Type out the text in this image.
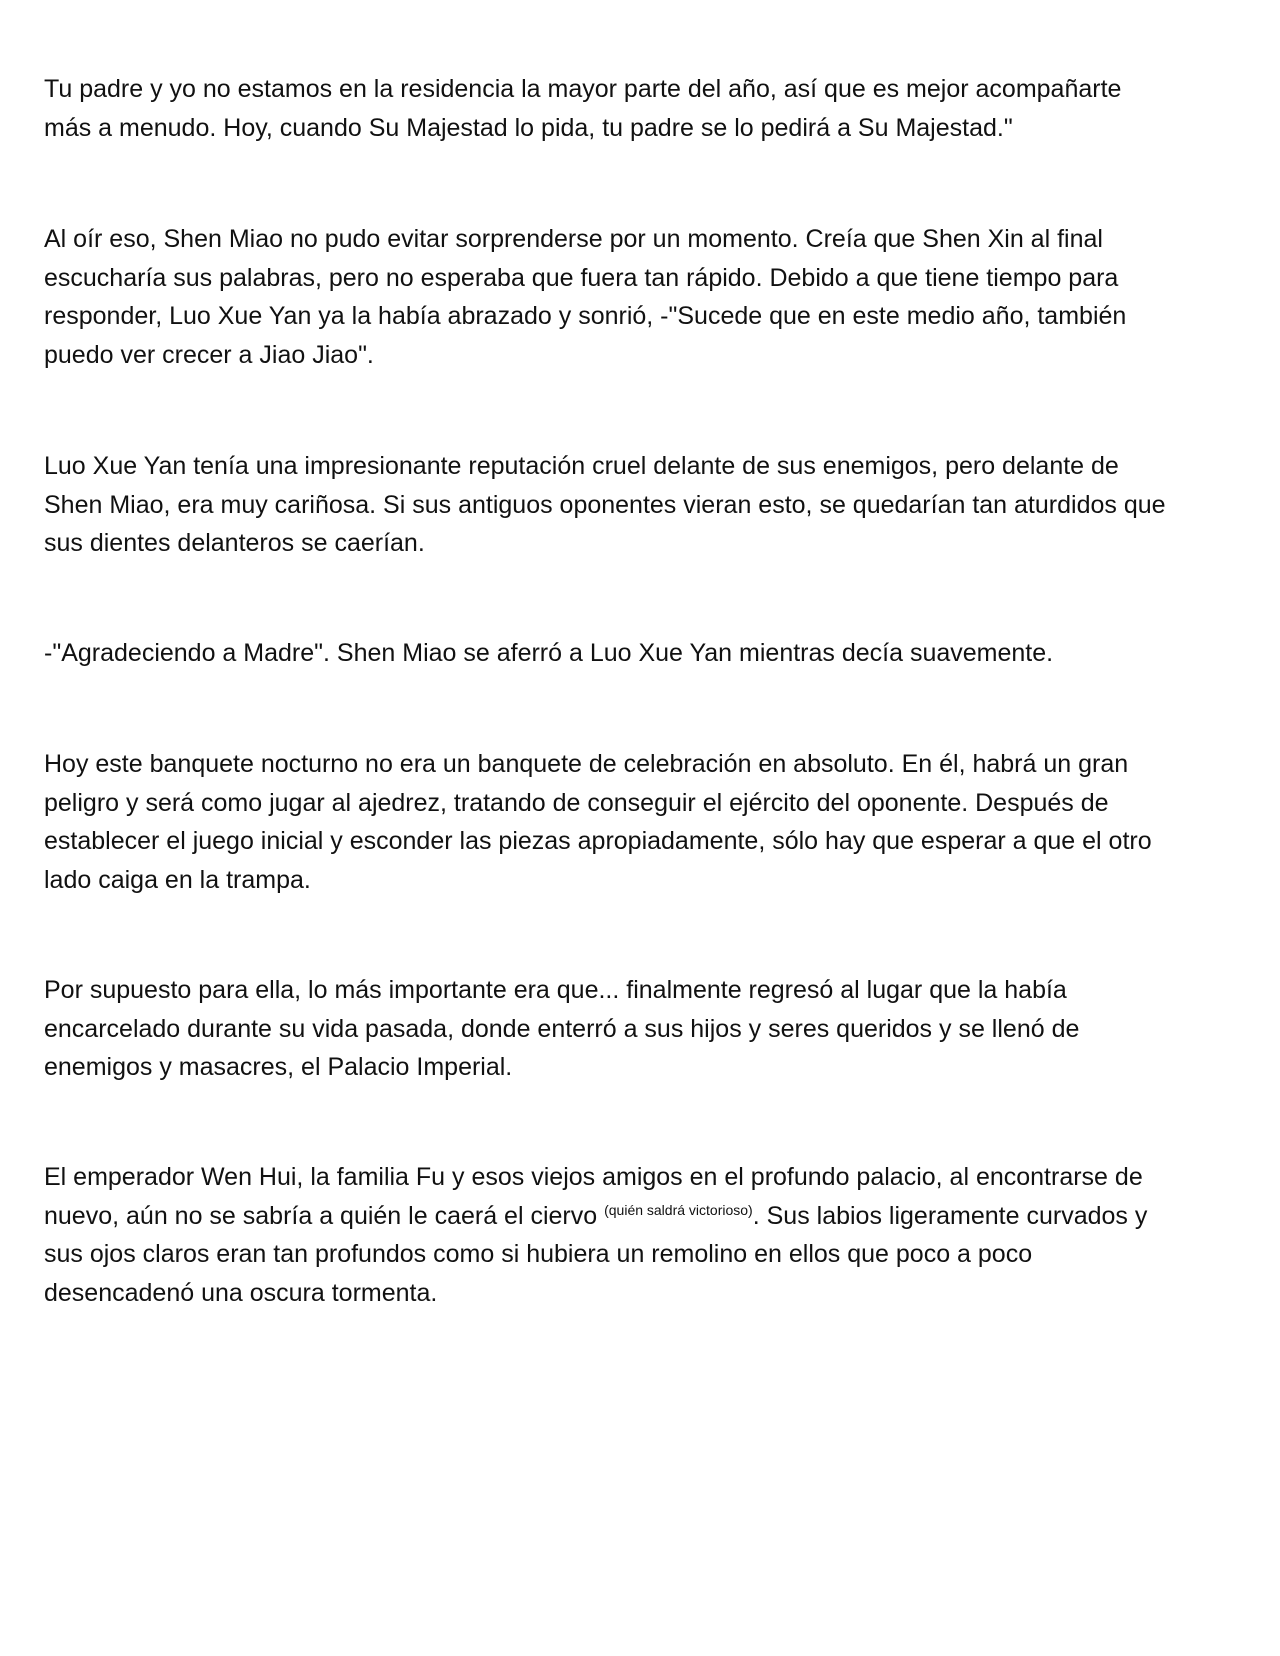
Tu padre y yo no estamos en la residencia la mayor parte del año, así que es mejor acompañarte
más a menudo. Hoy, cuando Su Majestad lo pida, tu padre se lo pedirá a Su Majestad."

Al oír eso, Shen Miao no pudo evitar sorprenderse por un momento. Creía que Shen Xin al final
escucharía sus palabras, pero no esperaba que fuera tan rápido. Debido a que tiene tiempo para
responder, Luo Xue Yan ya la había abrazado y sonrió, -"Sucede que en este medio año, también
puedo ver crecer a Jiao Jiao".

Luo Xue Yan tenía una impresionante reputación cruel delante de sus enemigos, pero delante de
Shen Miao, era muy cariñosa. Si sus antiguos oponentes vieran esto, se quedarían tan aturdidos que
sus dientes delanteros se caerían.

-"Agradeciendo a Madre". Shen Miao se aferró a Luo Xue Yan mientras decía suavemente.

Hoy este banquete nocturno no era un banquete de celebración en absoluto. En él, habrá un gran
peligro y será como jugar al ajedrez, tratando de conseguir el ejército del oponente. Después de
establecer el juego inicial y esconder las piezas apropiadamente, sólo hay que esperar a que el otro
lado caiga en la trampa.

Por supuesto para ella, lo más importante era que... finalmente regresó al lugar que la había
encarcelado durante su vida pasada, donde enterró a sus hijos y seres queridos y se llenó de
enemigos y masacres, el Palacio Imperial.

El emperador Wen Hui, la familia Fu y esos viejos amigos en el profundo palacio, al encontrarse de
nuevo, aún no se sabría a quién le caerá el ciervo $^{(quién saldrá victorioso)}$. Sus labios ligeramente curvados y
sus ojos claros eran tan profundos como si hubiera un remolino en ellos que poco a poco
desencadenó una oscura tormenta.
